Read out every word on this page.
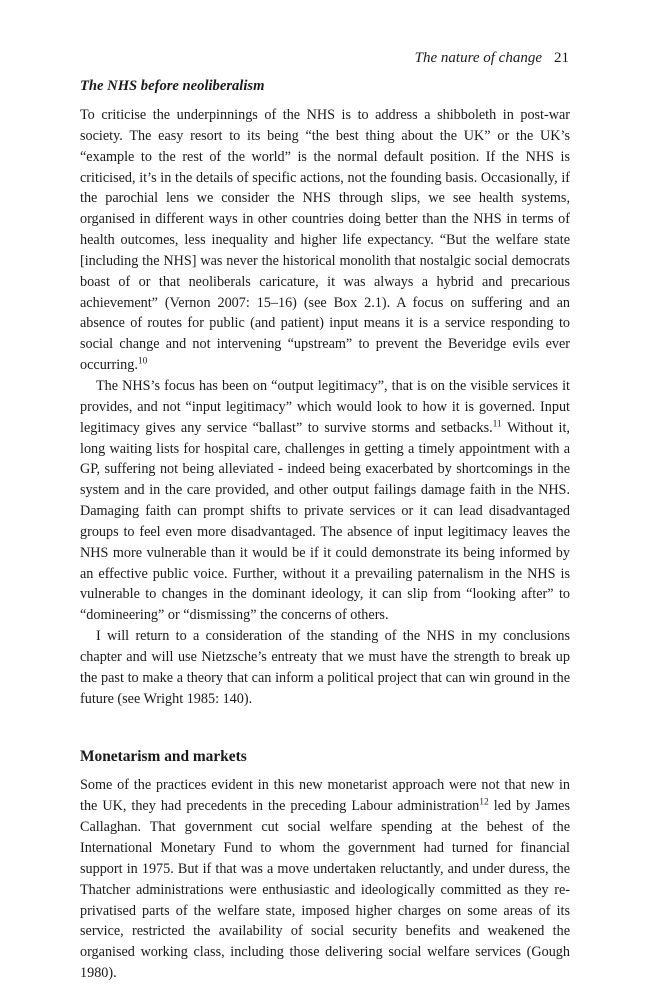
The nature of change 21
The NHS before neoliberalism

To criticise the underpinnings of the NHS is to address a shibboleth in post-war society. The easy resort to its being “the best thing about the UK” or the UK’s “example to the rest of the world” is the normal default position. If the NHS is criticised, it’s in the details of specific actions, not the founding basis. Occasionally, if the parochial lens we consider the NHS through slips, we see health systems, organised in different ways in other countries doing better than the NHS in terms of health outcomes, less inequality and higher life expectancy. “But the welfare state [including the NHS] was never the historical monolith that nostalgic social democrats boast of or that neoliberals caricature, it was always a hybrid and precarious achievement” (Vernon 2007: 15–16) (see Box 2.1). A focus on suffering and an absence of routes for public (and patient) input means it is a service responding to social change and not intervening “upstream” to prevent the Beveridge evils ever occurring.$^{10}$

The NHS’s focus has been on “output legitimacy”, that is on the visible services it provides, and not “input legitimacy” which would look to how it is governed. Input legitimacy gives any service “ballast” to survive storms and setbacks.$^{11}$ Without it, long waiting lists for hospital care, challenges in getting a timely appointment with a GP, suffering not being alleviated - indeed being exacerbated by shortcomings in the system and in the care provided, and other output failings damage faith in the NHS. Damaging faith can prompt shifts to private services or it can lead disadvantaged groups to feel even more disadvantaged. The absence of input legitimacy leaves the NHS more vulnerable than it would be if it could demonstrate its being informed by an effective public voice. Further, without it a prevailing paternalism in the NHS is vulnerable to changes in the dominant ideology, it can slip from “looking after” to “domineering” or “dismissing” the concerns of others.

I will return to a consideration of the standing of the NHS in my conclusions chapter and will use Nietzsche’s entreaty that we must have the strength to break up the past to make a theory that can inform a political project that can win ground in the future (see Wright 1985: 140).

Monetarism and markets

Some of the practices evident in this new monetarist approach were not that new in the UK, they had precedents in the preceding Labour administration$^{12}$ led by James Callaghan. That government cut social welfare spending at the behest of the International Monetary Fund to whom the government had turned for financial support in 1975. But if that was a move undertaken reluctantly, and under duress, the Thatcher administrations were enthusiastic and ideologically committed as they re-privatised parts of the welfare state, imposed higher charges on some areas of its service, restricted the availability of social security benefits and weakened the organised working class, including those delivering social welfare services (Gough 1980).
